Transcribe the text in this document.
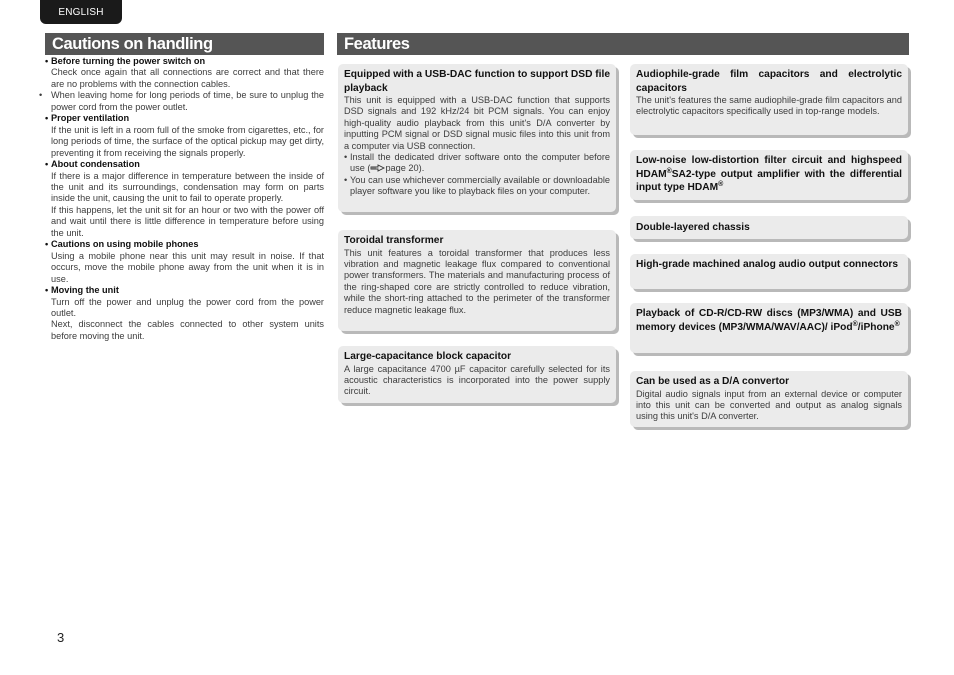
ENGLISH
Cautions on handling	Features
• Before turning the power switch on
Check once again that all connections are correct and that there are no problems with the connection cables.
• When leaving home for long periods of time, be sure to unplug the power cord from the power outlet.
• Proper ventilation
If the unit is left in a room full of the smoke from cigarettes, etc., for long periods of time, the surface of the optical pickup may get dirty, preventing it from receiving the signals properly.
• About condensation
If there is a major difference in temperature between the inside of the unit and its surroundings, condensation may form on parts inside the unit, causing the unit to fail to operate properly.
If this happens, let the unit sit for an hour or two with the power off and wait until there is little difference in temperature before using the unit.
• Cautions on using mobile phones
Using a mobile phone near this unit may result in noise. If that occurs, move the mobile phone away from the unit when it is in use.
• Moving the unit
Turn off the power and unplug the power cord from the power outlet.
Next, disconnect the cables connected to other system units before moving the unit.
Equipped with a USB-DAC function to support DSD file playback
This unit is equipped with a USB-DAC function that supports DSD signals and 192 kHz/24 bit PCM signals. You can enjoy high-quality audio playback from this unit's D/A converter by inputting PCM signal or DSD signal music files into this unit from a computer via USB connection.
• Install the dedicated driver software onto the computer before use ( page 20).
• You can use whichever commercially available or downloadable player software you like to playback files on your computer.
Toroidal transformer
This unit features a toroidal transformer that produces less vibration and magnetic leakage flux compared to conventional power transformers. The materials and manufacturing process of the ring-shaped core are strictly controlled to reduce vibration, while the short-ring attached to the perimeter of the transformer reduce magnetic leakage flux.
Large-capacitance block capacitor
A large capacitance 4700 µF capacitor carefully selected for its acoustic characteristics is incorporated into the power supply circuit.
Audiophile-grade film capacitors and electrolytic capacitors
The unit's features the same audiophile-grade film capacitors and electrolytic capacitors specifically used in top-range models.
Low-noise low-distortion filter circuit and highspeed HDAM®SA2-type output amplifier with the differential input type HDAM®
Double-layered chassis
High-grade machined analog audio output connectors
Playback of CD-R/CD-RW discs (MP3/WMA) and USB memory devices (MP3/WMA/WAV/AAC)/ iPod®/iPhone®
Can be used as a D/A convertor
Digital audio signals input from an external device or computer into this unit can be converted and output as analog signals using this unit's D/A converter.
3
